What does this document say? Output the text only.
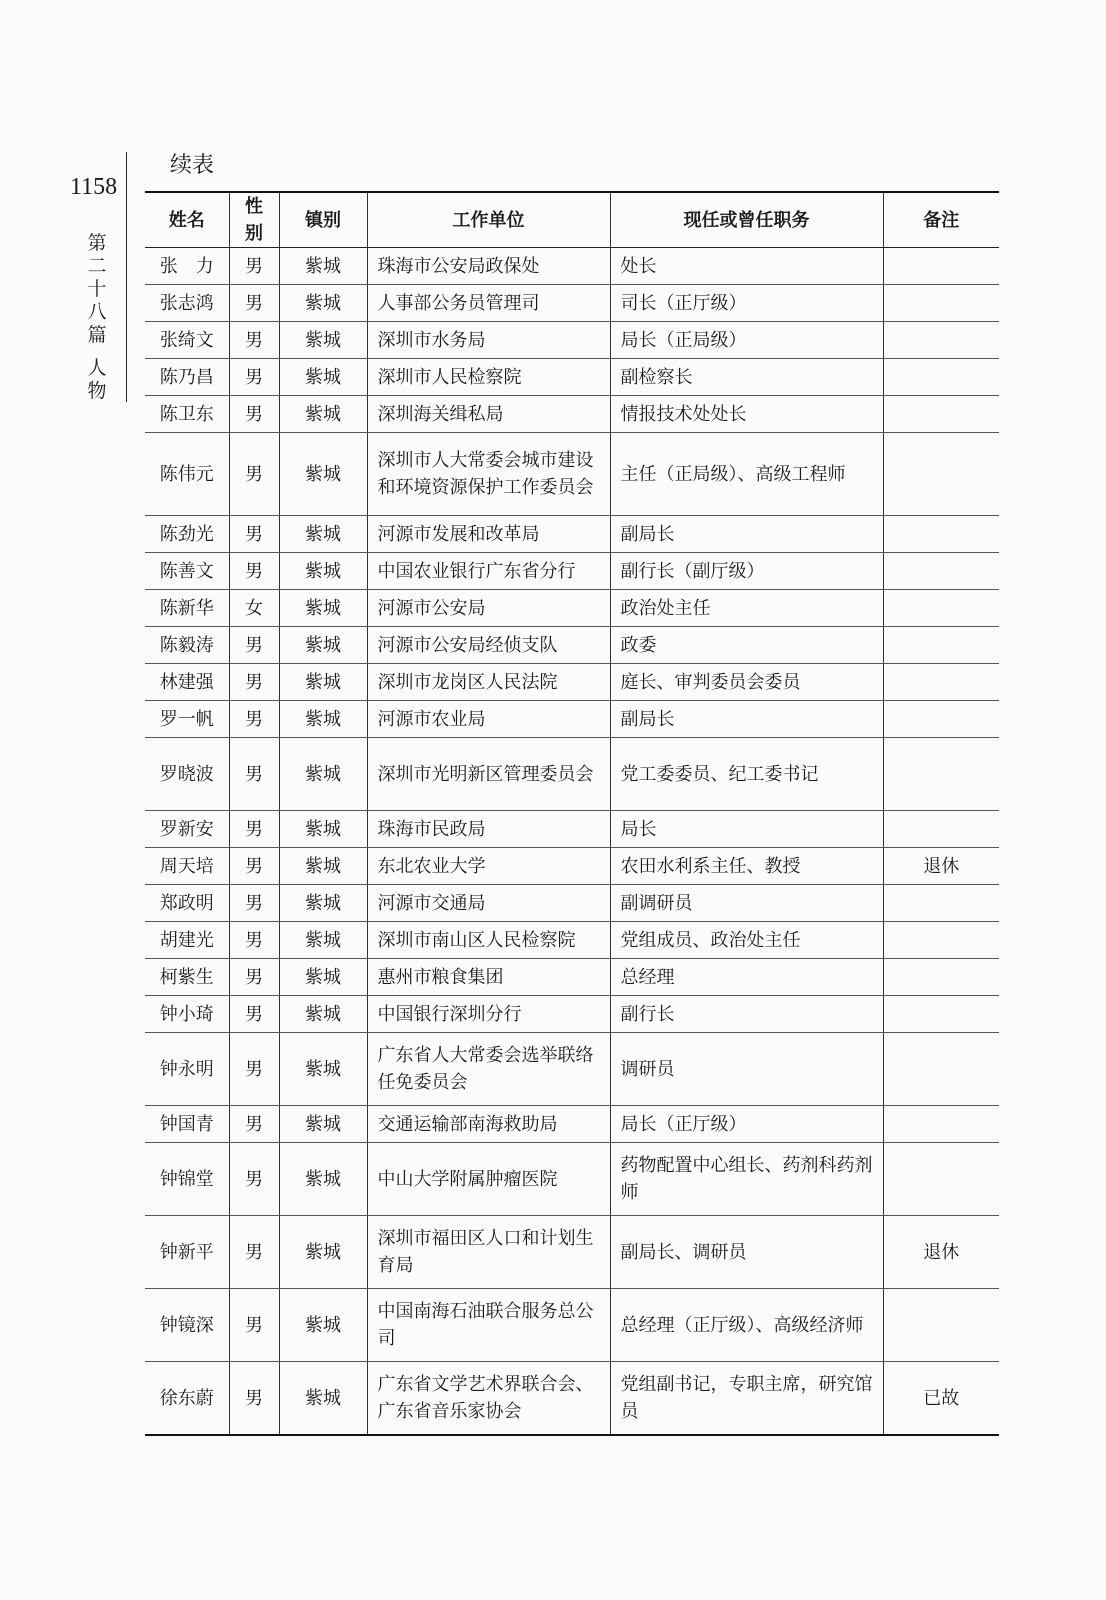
1158
第
二
十
八
篇
人
物
续表
姓名	性别	镇别	工作单位	现任或曾任职务	备注
张　力	男	紫城	珠海市公安局政保处	处长	
张志鸿	男	紫城	人事部公务员管理司	司长（正厅级）	
张绮文	男	紫城	深圳市水务局	局长（正局级）	
陈乃昌	男	紫城	深圳市人民检察院	副检察长	
陈卫东	男	紫城	深圳海关缉私局	情报技术处处长	
陈伟元	男	紫城	深圳市人大常委会城市建设和环境资源保护工作委员会	主任（正局级）、高级工程师	
陈劲光	男	紫城	河源市发展和改革局	副局长	
陈善文	男	紫城	中国农业银行广东省分行	副行长（副厅级）	
陈新华	女	紫城	河源市公安局	政治处主任	
陈毅涛	男	紫城	河源市公安局经侦支队	政委	
林建强	男	紫城	深圳市龙岗区人民法院	庭长、审判委员会委员	
罗一帆	男	紫城	河源市农业局	副局长	
罗晓波	男	紫城	深圳市光明新区管理委员会	党工委委员、纪工委书记	
罗新安	男	紫城	珠海市民政局	局长	
周天培	男	紫城	东北农业大学	农田水利系主任、教授	退休
郑政明	男	紫城	河源市交通局	副调研员	
胡建光	男	紫城	深圳市南山区人民检察院	党组成员、政治处主任	
柯紫生	男	紫城	惠州市粮食集团	总经理	
钟小琦	男	紫城	中国银行深圳分行	副行长	
钟永明	男	紫城	广东省人大常委会选举联络任免委员会	调研员	
钟国青	男	紫城	交通运输部南海救助局	局长（正厅级）	
钟锦堂	男	紫城	中山大学附属肿瘤医院	药物配置中心组长、药剂科药剂师	
钟新平	男	紫城	深圳市福田区人口和计划生育局	副局长、调研员	退休
钟镜深	男	紫城	中国南海石油联合服务总公司	总经理（正厅级）、高级经济师	
徐东蔚	男	紫城	广东省文学艺术界联合会、广东省音乐家协会	党组副书记，专职主席，研究馆员	已故
